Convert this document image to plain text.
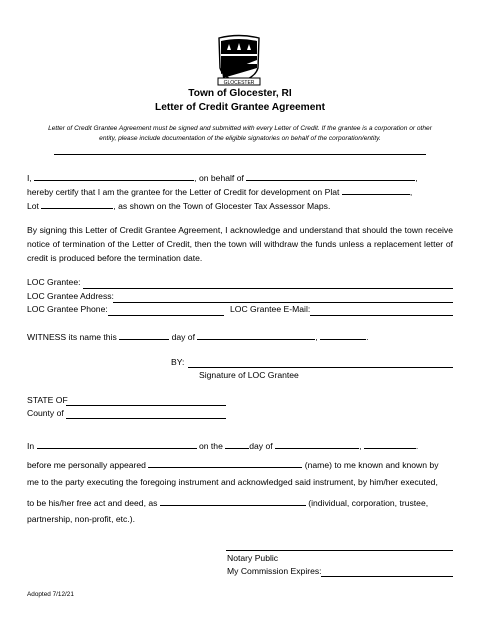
GLOCESTER
Town of Glocester, RI
Letter of Credit Grantee Agreement
Letter of Credit Grantee Agreement must be signed and submitted with every Letter of Credit. If the grantee is a corporation or other
entity, please include documentation of the eligible signatories on behalf of the corporation/entity.
I,	, on behalf of	,
hereby certify that I am the grantee for the Letter of Credit for development on Plat	,
Lot	, as shown on the Town of Glocester Tax Assessor Maps.
By signing this Letter of Credit Grantee Agreement, I acknowledge and understand that should the town receive notice of termination of the Letter of Credit, then the town will withdraw the funds unless a replacement letter of credit is produced before the termination date.
LOC Grantee:
LOC Grantee Address:
LOC Grantee Phone:	LOC Grantee E-Mail:
WITNESS its name this	day of	,	.
BY:
Signature of LOC Grantee
STATE OF
County of
In	on the	day of	,	.
before me personally appeared	(name) to me known and known by
me to the party executing the foregoing instrument and acknowledged said instrument, by him/her executed,
to be his/her free act and deed, as	(individual, corporation, trustee,
partnership, non-profit, etc.).
Notary Public
My Commission Expires:
Adopted 7/12/21
